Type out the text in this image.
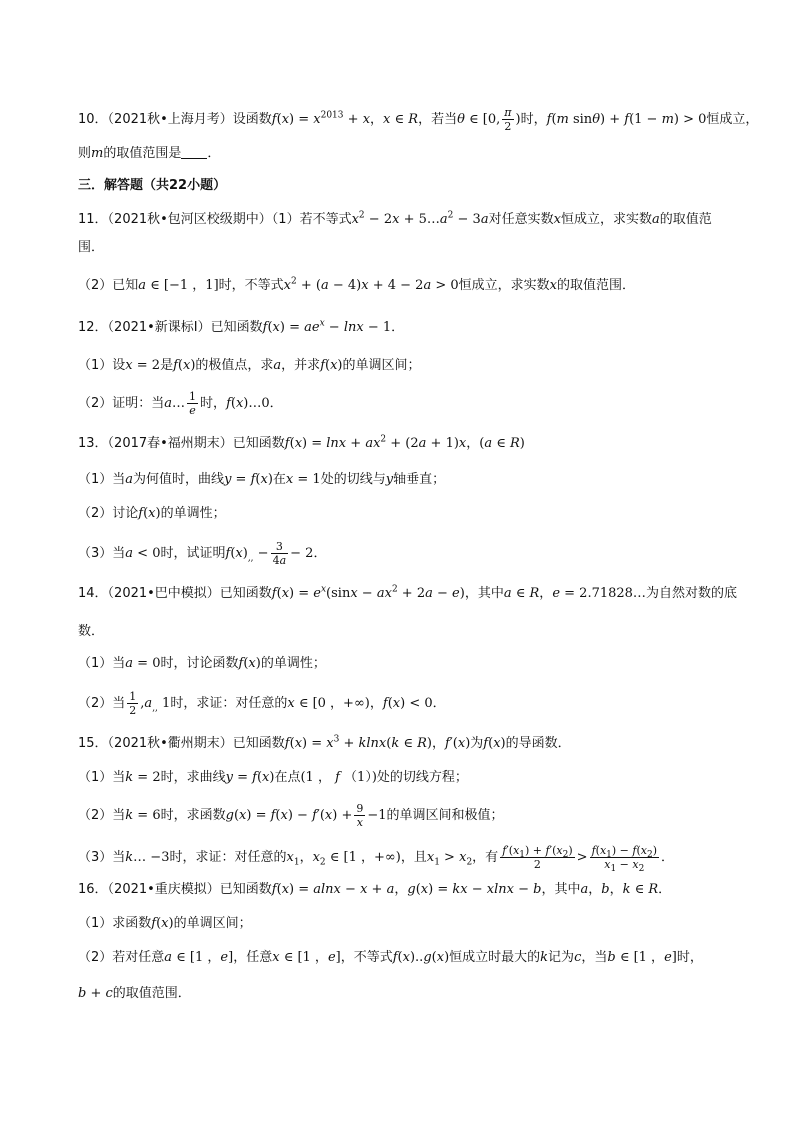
10．（2021秋•上海月考）设函数$f(x) = x^{2013} + x$，x ∈ R，若当θ ∈ [0, $\frac{\pi}{2}$ )时，f(m sinθ) + f(1 − m) > 0恒成立，
则m的取值范围是 ．
三．解答题（共22小题）
11．（2021秋•包河区校级期中）（1）若不等式$x^2 - 2x$ + $5\dots a^2 - 3a$对任意实数x恒成立，求实数a的取值范
围．
（2）已知a ∈ [−1 ，1]时，不等式$x^2 + (a - 4)x + 4 - 2a > 0$恒成立，求实数x的取值范围．
12．（2021•新课标Ⅰ）已知函数$f(x) = ae^x - \ln x - 1$．
（1）设x = 2是f(x)的极值点，求a，并求f(x)的单调区间；
（2）证明：当a… $\frac{1}{e}$ 时，f(x)…0．
13．（2017春•福州期末）已知函数$f(x) = \ln x + ax^2 + (2a + 1)x$，(a ∈ R)
（1）当a为何值时，曲线y = f(x)在x = 1处的切线与y轴垂直；
（2）讨论f(x)的单调性；
（3）当a < 0时，试证明$f(x)_{,,} - \frac{3}{4a} - 2$．
14．（2021•巴中模拟）已知函数$f(x) = e^x(\sin x - ax^2 + 2a - e)$，其中a ∈ R，e = 2.71828…为自然对数的底
数．
（1）当a = 0时，讨论函数f(x)的单调性；
（2）当 $\frac{1}{2} ,a_{,,}$ 1时，求证：对任意的x ∈ [0 ，+∞)，f(x) < 0．
15．（2021秋•衢州期末）已知函数$f(x) = x^3 + klnx(k$ ∈ R)，f′(x)为f(x)的导函数．
（1）当k = 2时，求曲线y = f(x)在点(1 ， f （1）)处的切线方程；
（2）当k = 6时，求函数$g(x) = f(x) - f'(x) + \frac{9}{x} -1$的单调区间和极值；
（3）当k… −3时，求证：对任意的$x_1$，$x_2$ ∈ [1 ，+∞)，且$x_1 > x_2$，有 $\frac{f'(x_1) + f'(x_2)}{2} > \frac{f(x_1) - f(x_2)}{x_1 - x_2}$ ．
16．（2021•重庆模拟）已知函数f(x) = alnx − x + a，g(x) = kx − xlnx − b，其中a，b，k ∈ R．
（1）求函数f(x)的单调区间；
（2）若对任意a ∈ [1 ，e]，任意x ∈ [1 ，e]，不等式f(x)..g(x)恒成立时最大的k记为c，当b ∈ [1 ，e]时，
b + c的取值范围．
